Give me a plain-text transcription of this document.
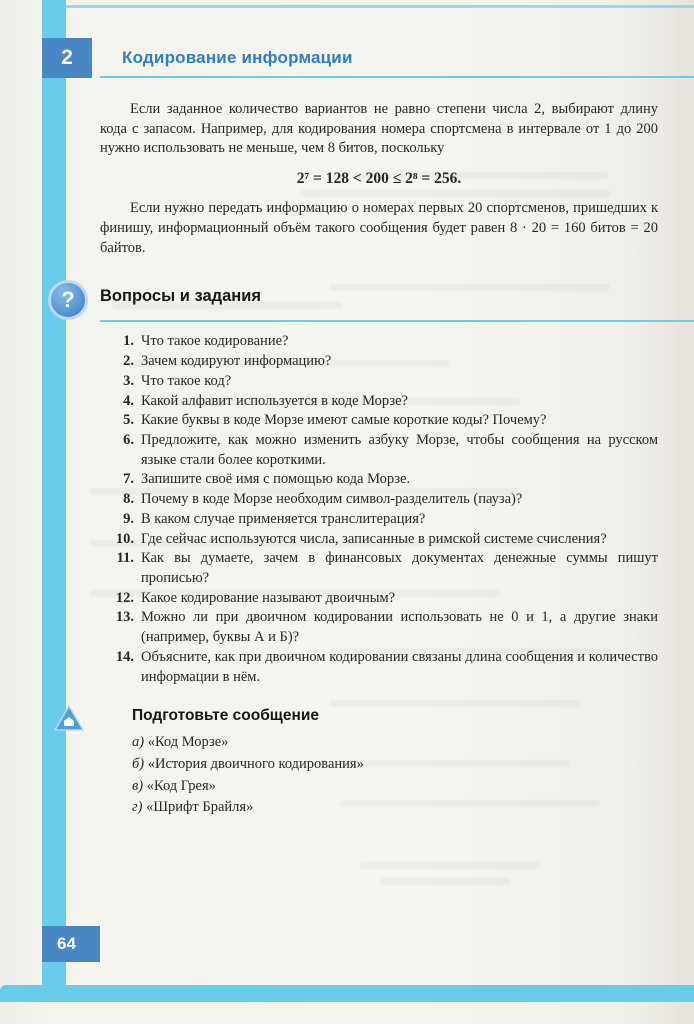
2	Кодирование информации

Если заданное количество вариантов не равно степени числа 2, выбирают длину кода с запасом. Например, для кодирования номера спортсмена в интервале от 1 до 200 нужно использовать не меньше, чем 8 битов, поскольку

2⁷ = 128 < 200 ≤ 2⁸ = 256.

Если нужно передать информацию о номерах первых 20 спортсменов, пришедших к финишу, информационный объём такого сообщения будет равен 8 · 20 = 160 битов = 20 байтов.

?	Вопросы и задания
1. Что такое кодирование?
2. Зачем кодируют информацию?
3. Что такое код?
4. Какой алфавит используется в коде Морзе?
5. Какие буквы в коде Морзе имеют самые короткие коды? Почему?
6. Предложите, как можно изменить азбуку Морзе, чтобы сообщения на русском языке стали более короткими.
7. Запишите своё имя с помощью кода Морзе.
8. Почему в коде Морзе необходим символ-разделитель (пауза)?
9. В каком случае применяется транслитерация?
10. Где сейчас используются числа, записанные в римской системе счисления?
11. Как вы думаете, зачем в финансовых документах денежные суммы пишут прописью?
12. Какое кодирование называют двоичным?
13. Можно ли при двоичном кодировании использовать не 0 и 1, а другие знаки (например, буквы А и Б)?
14. Объясните, как при двоичном кодировании связаны длина сообщения и количество информации в нём.
Подготовьте сообщение
а) «Код Морзе»
б) «История двоичного кодирования»
в) «Код Грея»
г) «Шрифт Брайля»
64
